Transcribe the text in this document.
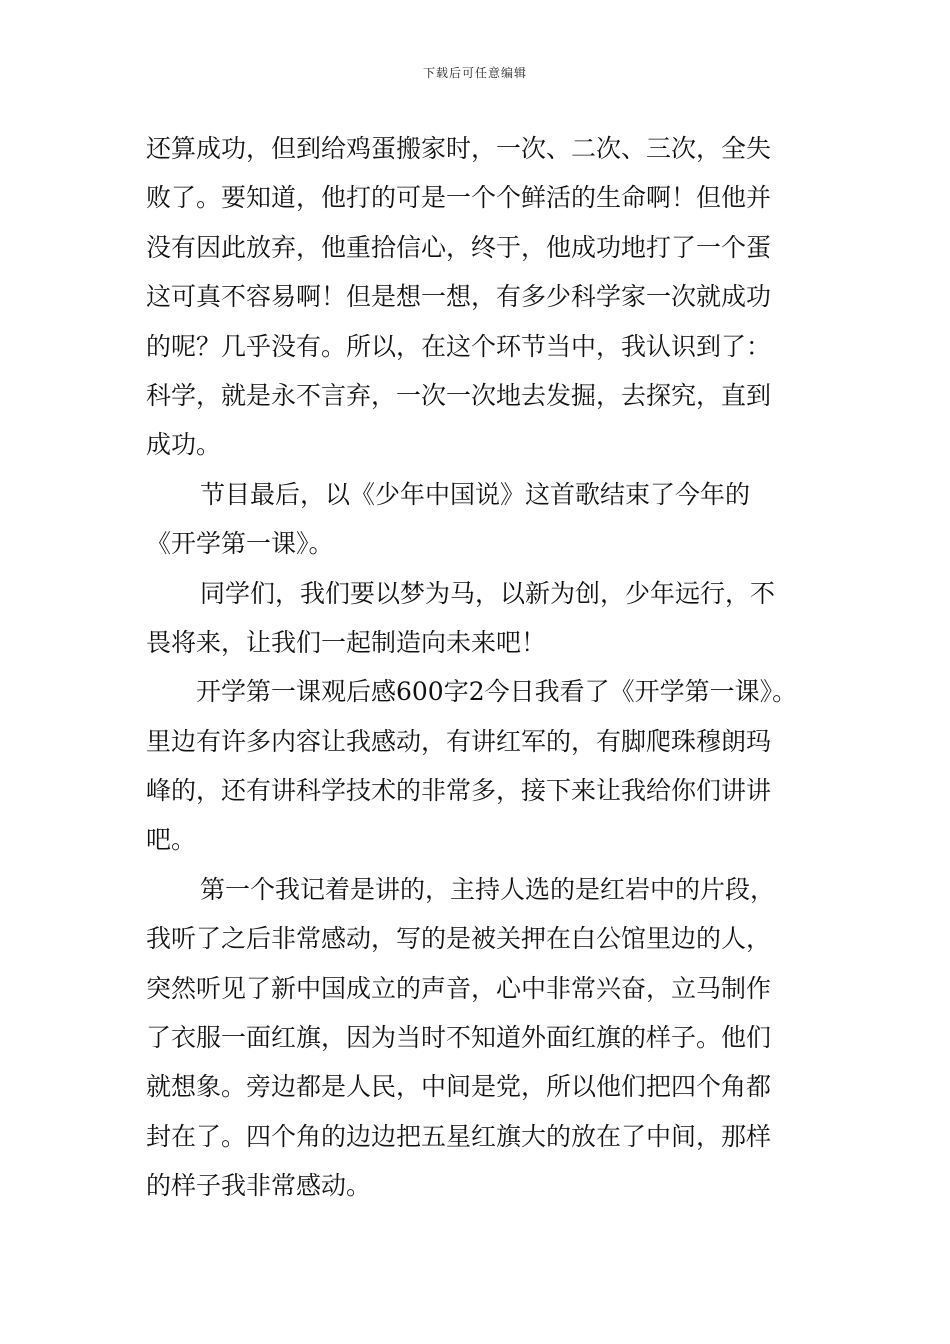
下载后可任意编辑
还算成功，但到给鸡蛋搬家时，一次、二次、三次，全失
败了。要知道，他打的可是一个个鲜活的生命啊！但他并
没有因此放弃，他重拾信心，终于，他成功地打了一个蛋
这可真不容易啊！但是想一想，有多少科学家一次就成功
的呢？几乎没有。所以，在这个环节当中，我认识到了：
科学，就是永不言弃，一次一次地去发掘，去探究，直到
成功。
节目最后，以《少年中国说》这首歌结束了今年的
《开学第一课》。
同学们，我们要以梦为马，以新为创，少年远行，不
畏将来，让我们一起制造向未来吧！
开学第一课观后感600字2今日我看了《开学第一课》。
里边有许多内容让我感动，有讲红军的，有脚爬珠穆朗玛
峰的，还有讲科学技术的非常多，接下来让我给你们讲讲
吧。
第一个我记着是讲的，主持人选的是红岩中的片段，
我听了之后非常感动，写的是被关押在白公馆里边的人，
突然听见了新中国成立的声音，心中非常兴奋，立马制作
了衣服一面红旗，因为当时不知道外面红旗的样子。他们
就想象。旁边都是人民，中间是党，所以他们把四个角都
封在了。四个角的边边把五星红旗大的放在了中间，那样
的样子我非常感动。
